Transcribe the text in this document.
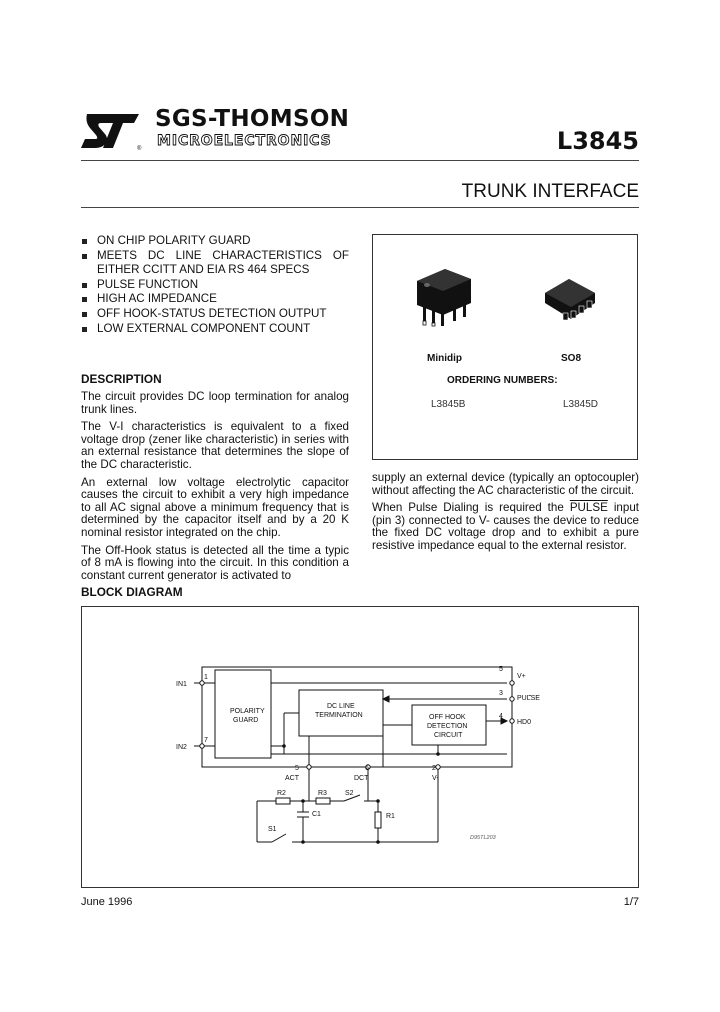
®
SGS-THOMSON
MICROELECTRONICS	L3845
TRUNK INTERFACE
ON CHIP POLARITY GUARD
MEETS DC LINE CHARACTERISTICS OF EITHER CCITT AND EIA RS 464 SPECS
PULSE FUNCTION
HIGH AC IMPEDANCE
OFF HOOK-STATUS DETECTION OUTPUT
LOW EXTERNAL COMPONENT COUNT
Minidip	SO8
ORDERING NUMBERS:
L3845B	L3845D
DESCRIPTION

The circuit provides DC loop termination for analog trunk lines.

The V-I characteristics is equivalent to a fixed voltage drop (zener like characteristic) in series with an external resistance that determines the slope of the DC characteristic.

An external low voltage electrolytic capacitor causes the circuit to exhibit a very high impedance to all AC signal above a minimum frequency that is determined by the capacitor itself and by a 20 K nominal resistor integrated on the chip.

The Off-Hook status is detected all the time a typic of 8 mA is flowing into the circuit. In this condition a constant current generator is activated to

supply an external device (typically an optocoupler) without affecting the AC characteristic of the circuit.

When Pulse Dialing is required the PULSE input (pin 3) connected to V- causes the device to reduce the fixed DC voltage drop and to exhibit a pure resistive impedance equal to the external resistor.

BLOCK DIAGRAM
POLARITY
GUARD
DC LINE
TERMINATION	OFF HOOK
DETECTION
CIRCUIT
IN1
IN2
V+
PULSE
HD0
ACT	DCT	V-
1
7
5
3
4
5	6	2
R2	R3	S2
S1
C1	R1
D95TL203
June 1996	1/7
